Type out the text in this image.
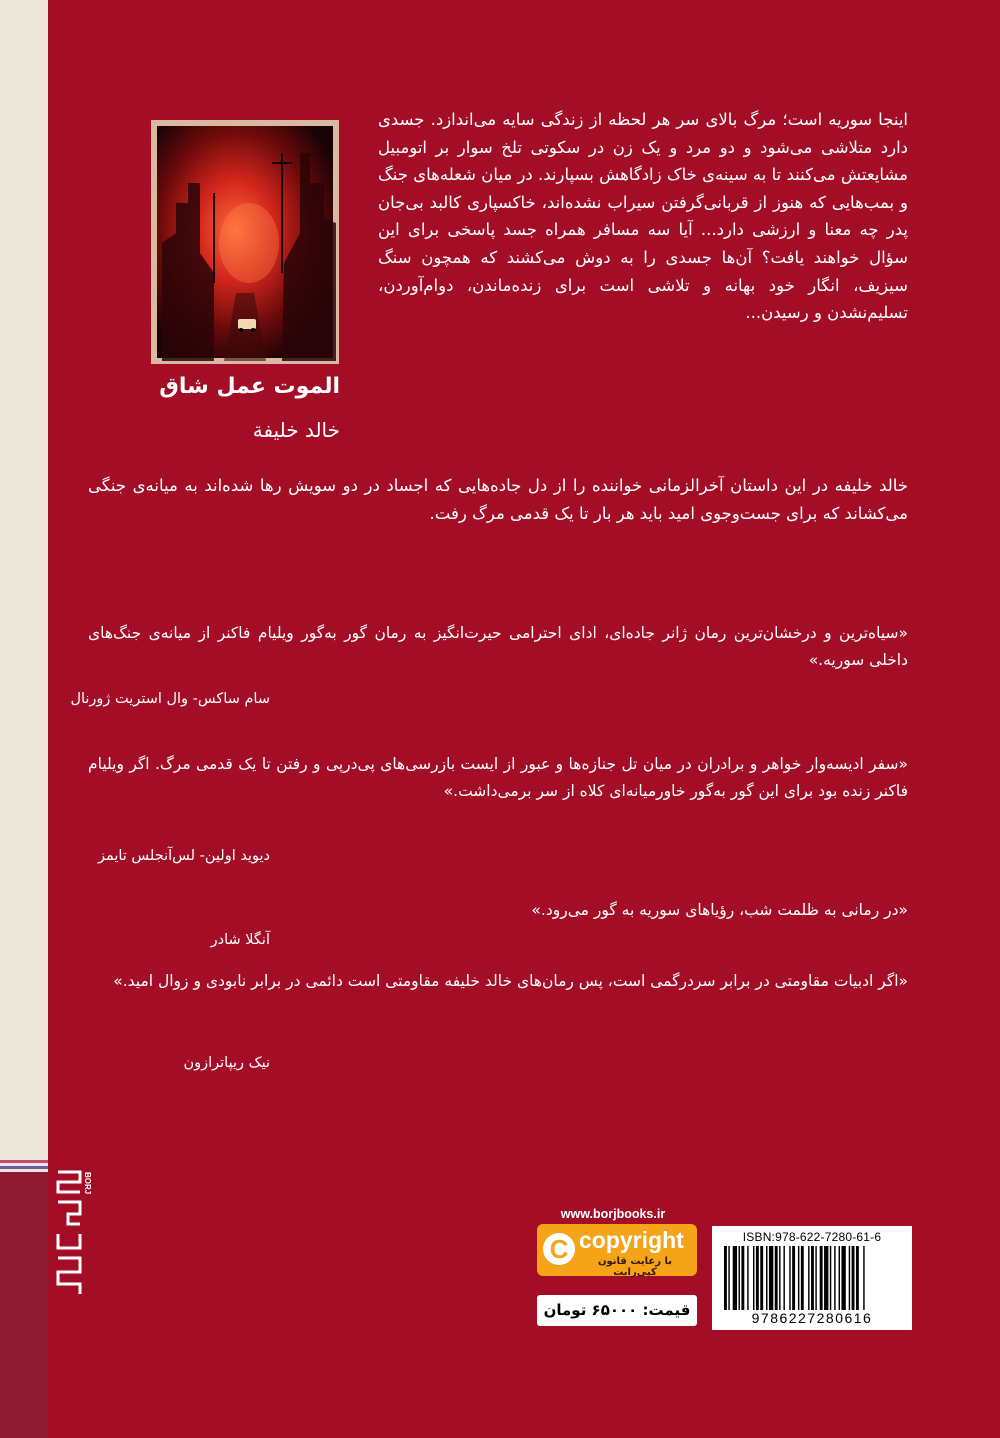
الموت عمل شاق
خالد خلیفة

اینجا سوریه است؛ مرگ بالای سر هر لحظه از زندگی سایه می‌اندازد. جسدی دارد متلاشی می‌شود و دو مرد و یک زن در سکوتی تلخ سوار بر اتومبیل مشایعتش می‌کنند تا به سینه‌ی خاک زادگاهش بسپارند. در میان شعله‌های جنگ و بمب‌هایی که هنوز از قربانی‌گرفتن سیراب نشده‌اند، خاکسپاری کالبد بی‌جان پدر چه معنا و ارزشی دارد... آیا سه مسافر همراه جسد پاسخی برای این سؤال خواهند یافت؟ آن‌ها جسدی را به دوش می‌کشند که همچون سنگ سیزیف، انگار خود بهانه و تلاشی است برای زنده‌ماندن، دوام‌آوردن، تسلیم‌نشدن و رسیدن...

خالد خلیفه در این داستان آخرالزمانی خواننده را از دل جاده‌هایی که اجساد در دو سویش رها شده‌اند به میانه‌ی جنگی می‌کشاند که برای جست‌وجوی امید باید هر بار تا یک قدمی مرگ رفت.

«سیاه‌ترین و درخشان‌ترین رمان ژانر جاده‌ای، ادای احترامی حیرت‌انگیز به رمان گور به‌گور ویلیام فاکنر از میانه‌ی جنگ‌های داخلی سوریه.»

سام ساکس- وال استریت ژورنال

«سفر ادیسه‌وار خواهر و برادران در میان تل جنازه‌ها و عبور از ایست بازرسی‌های پی‌درپی و رفتن تا یک قدمی مرگ. اگر ویلیام فاکنر زنده بود برای این گور به‌گور خاورمیانه‌ای کلاه از سر برمی‌داشت.»

دیوید اولین- لس‌آنجلس تایمز

«در رمانی به ظلمت شب، رؤیاهای سوریه به گور می‌رود.»

آنگلا شادر

«اگر ادبیات مقاومتی در برابر سردرگمی است، پس رمان‌های خالد خلیفه مقاومتی است دائمی در برابر نابودی و زوال امید.»

نیک ریپاترازون
BORJ
www.borjbooks.ir
C copyright
با رعایت قانون کپی‌رایت
قیمت: ۶۵۰۰۰ تومان
ISBN:978-622-7280-61-6
9786227280616
